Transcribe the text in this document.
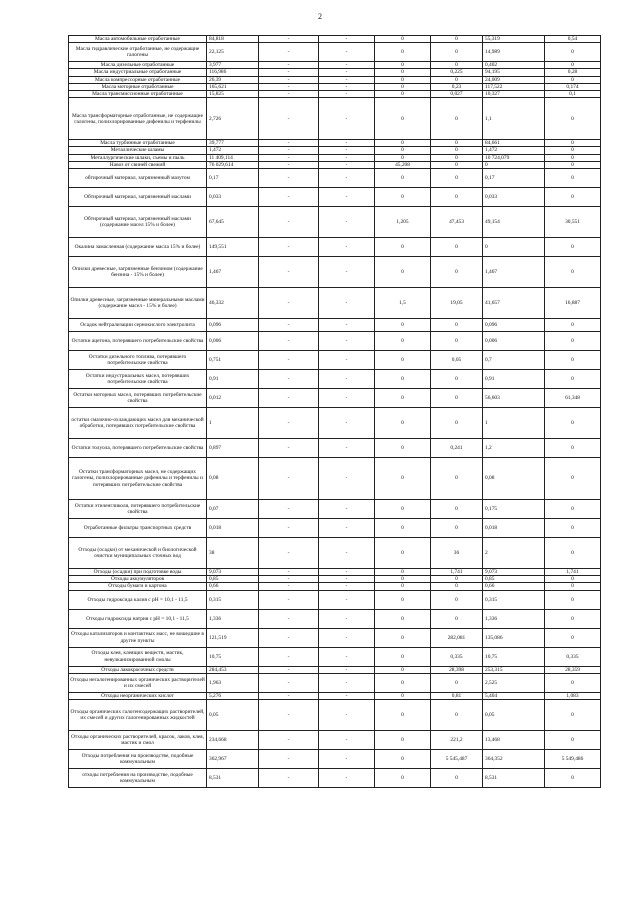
2
Масла автомобильные отработанные	84,818	-	-	0	0	55,319	0,54
Масла гидравлические отработанные, не содержащие галогены	22,125	-	-	0	0	14,989	0
Масла дизельные отработанные	3,977	-	-	0	0	0,402	0
Масла индустриальные отработанные	116,986	-	-	0	0,225	94,195	0,28
Масла компрессорные отработанные	26,39	-	-	0	0	24,009	0
Масла моторные отработанные	165,621	-	-	0	0,23	117,522	0,174
Масла трансмиссионные отработанные	15,825	-	-	0	0,027	10,327	0,1
Масла трансформаторные отработанные, не содержащие галогены, полихлорированные дифенилы и терфенилы	2,726	-	-	0	0	1,1	0
Масла турбинные отработанные	39,777	-	-	0	0	84,661	0
Металлические шламы	1,472	-	-	0	0	1,472	0
Металлургические шлаки, съемы и пыль	11 409,114	-	-	0	0	10 724,079	0
Навоз от свиней свежий	76 029,614	-	-	45,208	0	0	0
обтирочный материал, загрязненный мазутом	0,17	-	-	0	0	0,17	0
Обтирочный материал, загрязненный маслами	0,033	-	-	0	0	0,033	0
Обтирочный материал, загрязненный маслами (содержание масел 15% и более)	67,645	-	-	1,205	47,453	49,154	30,551
Окалина замасленная (содержание масла 15% и более)	149,551	-	-	0	0	0	0
Опилки древесные, загрязненные бензином (содержание бензина - 15% и более)	1,467	-	-	0	0	1,467	0
Опилки древесные, загрязненные минеральными маслами (содержание масел - 15% и более)	46,332	-	-	1,5	19,05	41,657	16,887
Осадок нейтрализации сернокислого электролита	0,096	-	-	0	0	0,096	0
Остатки ацетона, потерявшего потребительские свойства	0,006	-	-	0	0	0,006	0
Остатки дизельного топлива, потерявшего потребительские свойства	0,751	-	-	0	0,05	0,7	0
Остатки индустриальных масел, потерявших потребительские свойства	0,91	-	-	0	0	0,91	0
Остатки моторных масел, потерявших потребительские свойства	0,012	-	-	0	0	56,603	61,348
остатки смазочно-охлаждающих масел для механической обработки, потерявших потребительские свойства	1	-	-	0	0	1	0
Остатки толуола, потерявшего потребительские свойства	0,897	-	-	0	0,241	1,2	0
Остатки трансформаторных масел, не содержащих галогены, полихлорированные дифенилы и терфенилы и потерявших потребительские свойства	0,08	-	-	0	0	0,08	0
Остатки этиленгликоля, потерявшего потребительские свойства	0,07	-	-	0	0	0,175	0
Отработанные фильтры транспортных средств	0,018	-	-	0	0	0,018	0
Отходы (осадки) от механической и биологической очистки муниципальных сточных вод	38	-	-	0	36	2	0
Отходы (осадки) при подготовке воды	9,073	-	-	0	1,741	9,073	1,741
Отходы аккумуляторов	0,85	-	-	0	0	0,85	0
Отходы бумаги и картона	0,66	-	-	0	0	0,66	0
Отходы гидроксида калия с pH = 10,1 - 11,5	0,315	-	-	0	0	0,315	0
Отходы гидроксида натрия с pH = 10,1 - 11,5	1,336	-	-	0	0	1,336	0
Отходы катализаторов и контактных масс, не вошедшие в другие пункты	121,519	-	-	0	282,081	135,086	0
Отходы клея, клеящих веществ, мастик, невулканизированной смолы	10,75	-	-	0	0,335	10,75	0,335
Отходы лакокрасочных средств	284,453	-	-	0	28,398	253,315	28,359
Отходы негалогенированных органических растворителей и их смесей	1,963	-	-	0	0	2,525	0
Отходы неорганических кислот	5,276	-	-	0	0,81	5,404	1,083
Отходы органических галогенсодержащих растворителей, их смесей и других галогенированных жидкостей	0,05	-	-	0	0	0,05	0
Отходы органических растворителей, красок, лаков, клея, мастик и смол	234,668	-	-	0	221,2	13,468	0
Отходы потребления на производстве, подобные коммунальным	362,967	-	-	0	5 545,487	364,352	5 549,486
отходы потребления на производстве, подобные коммунальным	8,531	-	-	0	0	8,531	0
